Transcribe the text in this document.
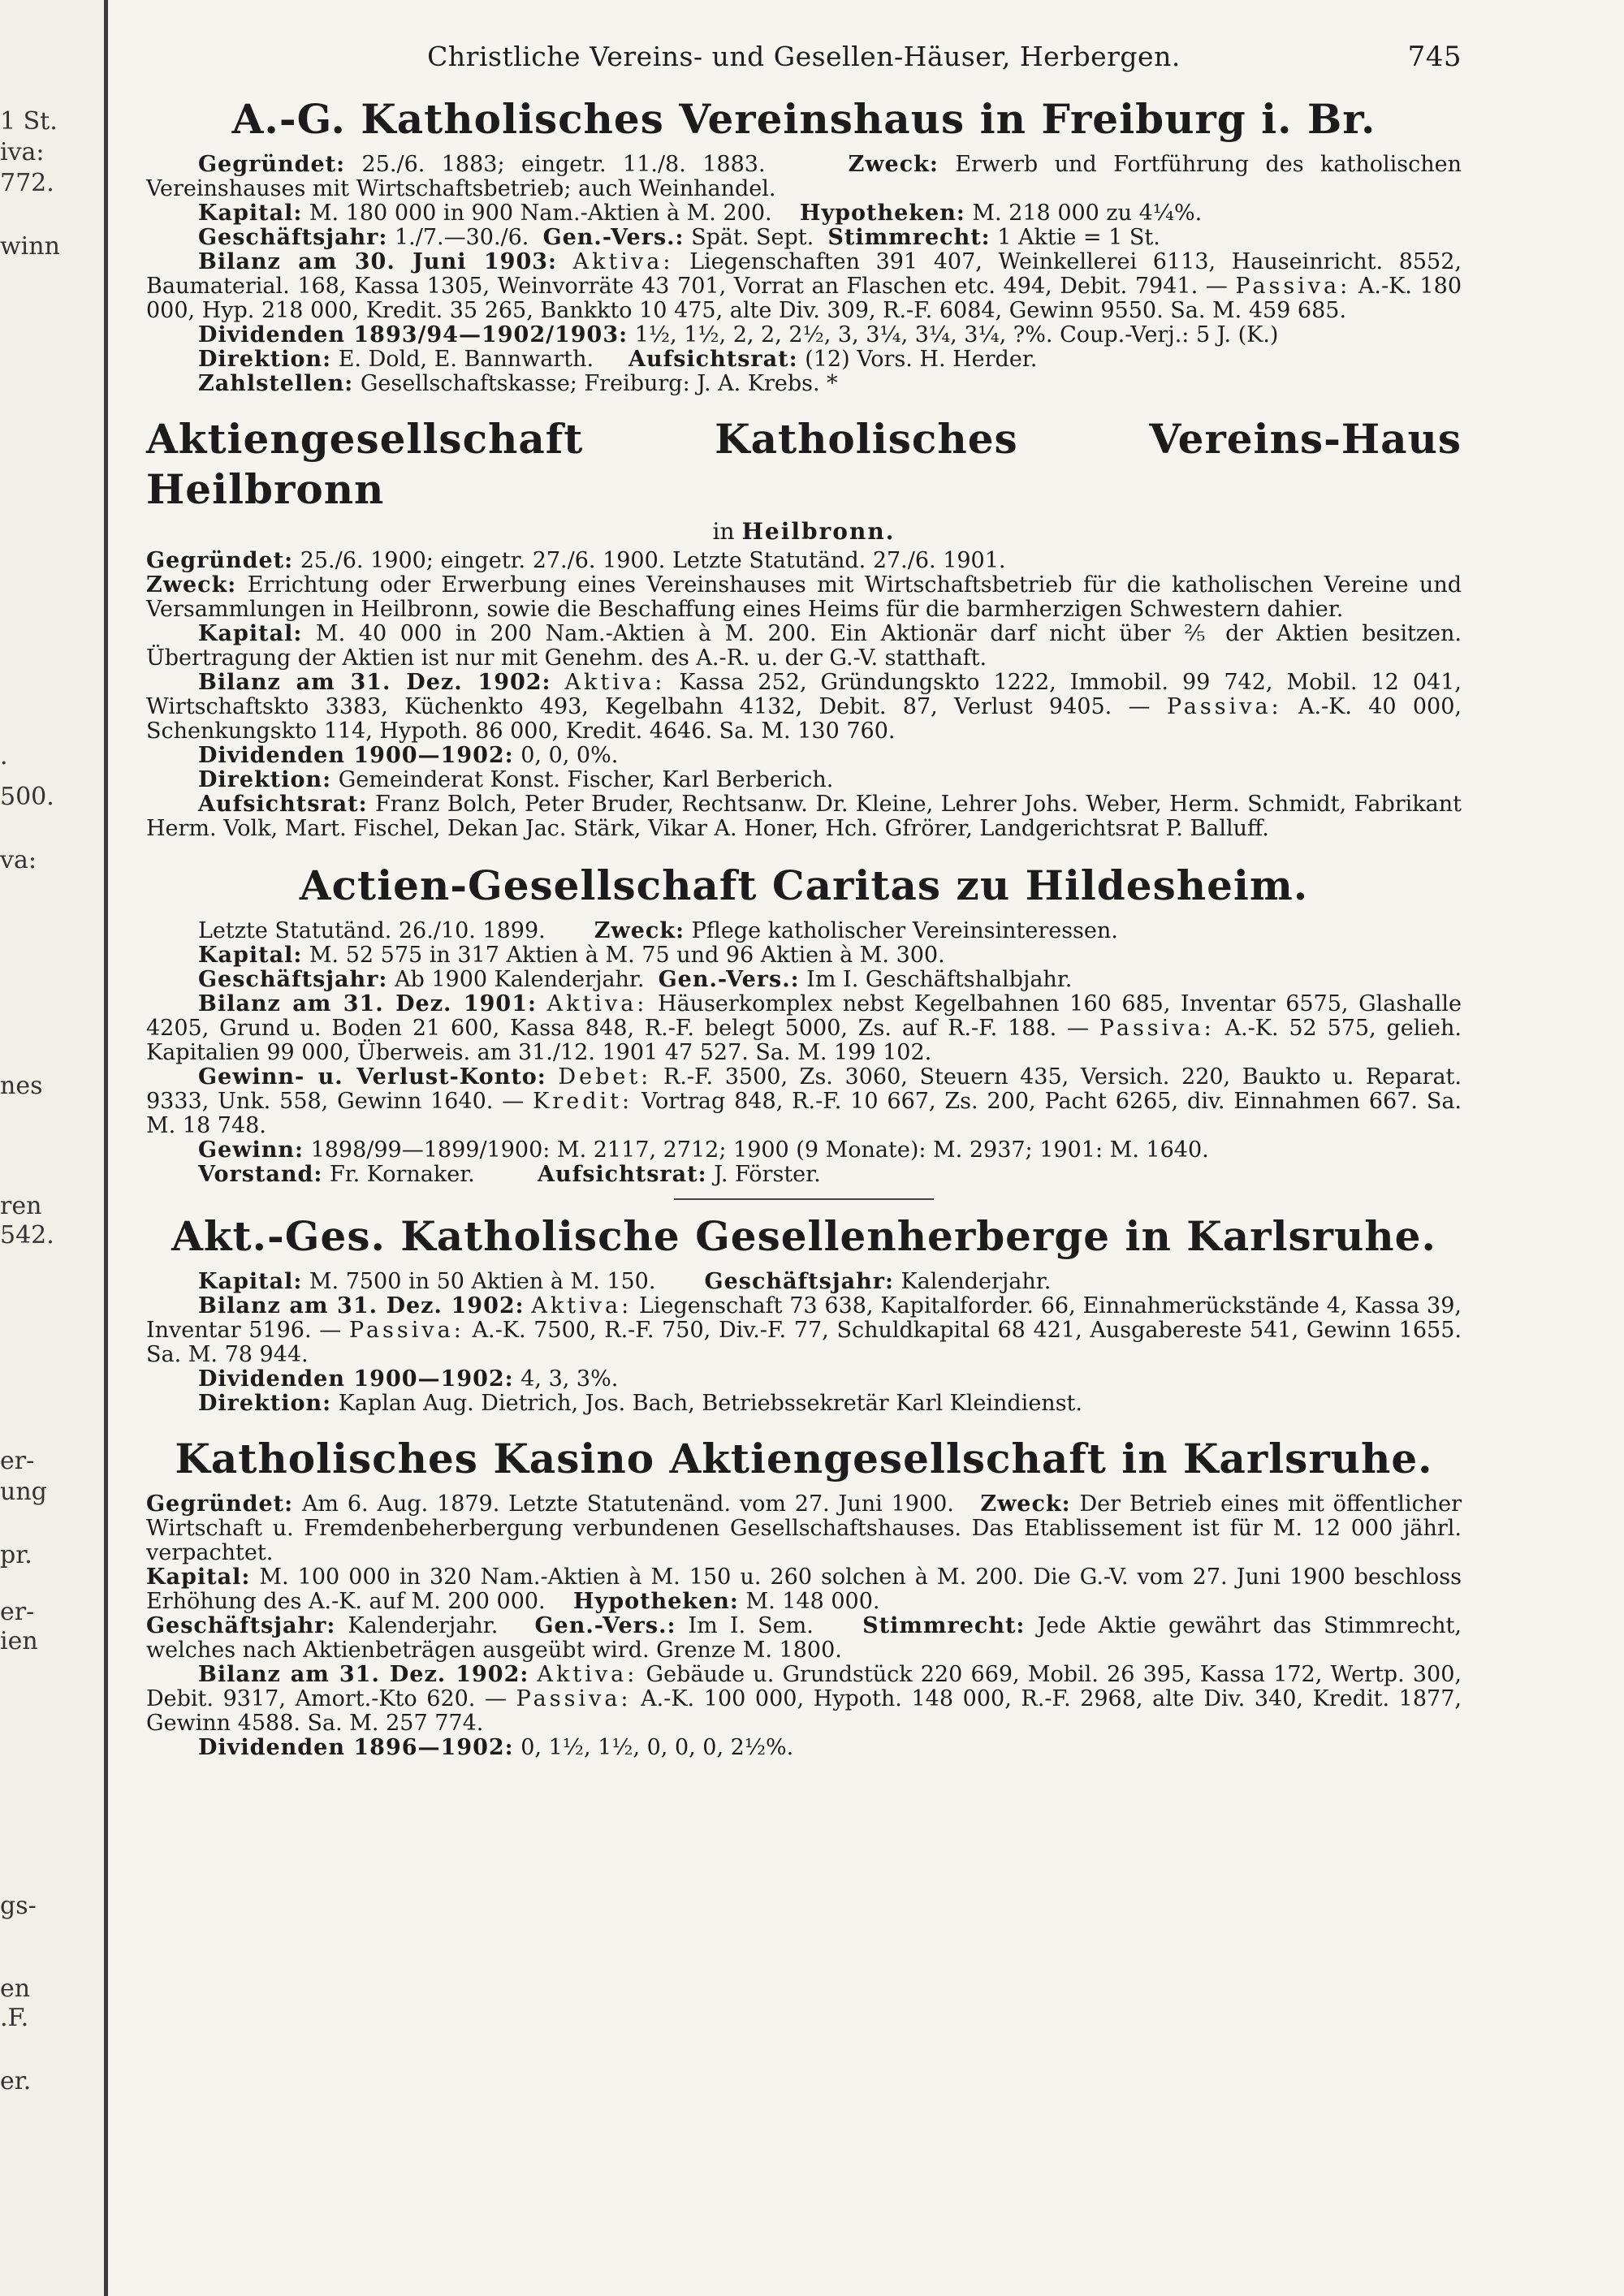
1 St.
iva:
772.
winn
.
500.
va:
nes
ren
542.
er-
ung
pr.
er-
ien
gs-
en
.F.
er.
Christliche Vereins- und Gesellen-Häuser, Herbergen.	745
A.-G. Katholisches Vereinshaus in Freiburg i. Br.

Gegründet: 25./6. 1883; eingetr. 11./8. 1883.	Zweck: Erwerb und Fortführung des katholischen Vereinshauses mit Wirtschaftsbetrieb; auch Weinhandel.

Kapital: M. 180 000 in 900 Nam.-Aktien à M. 200. Hypotheken: M. 218 000 zu 4¼%.

Geschäftsjahr: 1./7.—30./6. Gen.-Vers.: Spät. Sept. Stimmrecht: 1 Aktie = 1 St.

Bilanz am 30. Juni 1903: Aktiva: Liegenschaften 391 407, Weinkellerei 6113, Hauseinricht. 8552, Baumaterial. 168, Kassa 1305, Weinvorräte 43 701, Vorrat an Flaschen etc. 494, Debit. 7941. — Passiva: A.-K. 180 000, Hyp. 218 000, Kredit. 35 265, Bankkto 10 475, alte Div. 309, R.-F. 6084, Gewinn 9550. Sa. M. 459 685.

Dividenden 1893/94—1902/1903: 1½, 1½, 2, 2, 2½, 3, 3¼, 3¼, 3¼, ?%. Coup.-Verj.: 5 J. (K.)

Direktion: E. Dold, E. Bannwarth. Aufsichtsrat: (12) Vors. H. Herder.

Zahlstellen: Gesellschaftskasse; Freiburg: J. A. Krebs. *

Aktiengesellschaft Katholisches Vereins-Haus Heilbronn
in Heilbronn.

Gegründet: 25./6. 1900; eingetr. 27./6. 1900. Letzte Statutänd. 27./6. 1901.

Zweck: Errichtung oder Erwerbung eines Vereinshauses mit Wirtschaftsbetrieb für die katholischen Vereine und Versammlungen in Heilbronn, sowie die Beschaffung eines Heims für die barmherzigen Schwestern dahier.

Kapital: M. 40 000 in 200 Nam.-Aktien à M. 200. Ein Aktionär darf nicht über ⅖ der Aktien besitzen. Übertragung der Aktien ist nur mit Genehm. des A.-R. u. der G.-V. statthaft.

Bilanz am 31. Dez. 1902: Aktiva: Kassa 252, Gründungskto 1222, Immobil. 99 742, Mobil. 12 041, Wirtschaftskto 3383, Küchenkto 493, Kegelbahn 4132, Debit. 87, Verlust 9405. — Passiva: A.-K. 40 000, Schenkungskto 114, Hypoth. 86 000, Kredit. 4646. Sa. M. 130 760.

Dividenden 1900—1902: 0, 0, 0%.

Direktion: Gemeinderat Konst. Fischer, Karl Berberich.

Aufsichtsrat: Franz Bolch, Peter Bruder, Rechtsanw. Dr. Kleine, Lehrer Johs. Weber, Herm. Schmidt, Fabrikant Herm. Volk, Mart. Fischel, Dekan Jac. Stärk, Vikar A. Honer, Hch. Gfrörer, Landgerichtsrat P. Balluff.

Actien-Gesellschaft Caritas zu Hildesheim.

Letzte Statutänd. 26./10. 1899. Zweck: Pflege katholischer Vereinsinteressen.

Kapital: M. 52 575 in 317 Aktien à M. 75 und 96 Aktien à M. 300.

Geschäftsjahr: Ab 1900 Kalenderjahr. Gen.-Vers.: Im I. Geschäftshalbjahr.

Bilanz am 31. Dez. 1901: Aktiva: Häuserkomplex nebst Kegelbahnen 160 685, Inventar 6575, Glashalle 4205, Grund u. Boden 21 600, Kassa 848, R.-F. belegt 5000, Zs. auf R.-F. 188. — Passiva: A.-K. 52 575, gelieh. Kapitalien 99 000, Überweis. am 31./12. 1901 47 527. Sa. M. 199 102.

Gewinn- u. Verlust-Konto: Debet: R.-F. 3500, Zs. 3060, Steuern 435, Versich. 220, Baukto u. Reparat. 9333, Unk. 558, Gewinn 1640. — Kredit: Vortrag 848, R.-F. 10 667, Zs. 200, Pacht 6265, div. Einnahmen 667. Sa. M. 18 748.

Gewinn: 1898/99—1899/1900: M. 2117, 2712; 1900 (9 Monate): M. 2937; 1901: M. 1640.

Vorstand: Fr. Kornaker.	Aufsichtsrat: J. Förster.

Akt.-Ges. Katholische Gesellenherberge in Karlsruhe.

Kapital: M. 7500 in 50 Aktien à M. 150. Geschäftsjahr: Kalenderjahr.

Bilanz am 31. Dez. 1902: Aktiva: Liegenschaft 73 638, Kapitalforder. 66, Einnahmerückstände 4, Kassa 39, Inventar 5196. — Passiva: A.-K. 7500, R.-F. 750, Div.-F. 77, Schuldkapital 68 421, Ausgabereste 541, Gewinn 1655. Sa. M. 78 944.

Dividenden 1900—1902: 4, 3, 3%.

Direktion: Kaplan Aug. Dietrich, Jos. Bach, Betriebssekretär Karl Kleindienst.

Katholisches Kasino Aktiengesellschaft in Karlsruhe.

Gegründet: Am 6. Aug. 1879. Letzte Statutenänd. vom 27. Juni 1900. Zweck: Der Betrieb eines mit öffentlicher Wirtschaft u. Fremdenbeherbergung verbundenen Gesellschaftshauses. Das Etablissement ist für M. 12 000 jährl. verpachtet.

Kapital: M. 100 000 in 320 Nam.-Aktien à M. 150 u. 260 solchen à M. 200. Die G.-V. vom 27. Juni 1900 beschloss Erhöhung des A.-K. auf M. 200 000. Hypotheken: M. 148 000.

Geschäftsjahr: Kalenderjahr. Gen.-Vers.: Im I. Sem. Stimmrecht: Jede Aktie gewährt das Stimmrecht, welches nach Aktienbeträgen ausgeübt wird. Grenze M. 1800.

Bilanz am 31. Dez. 1902: Aktiva: Gebäude u. Grundstück 220 669, Mobil. 26 395, Kassa 172, Wertp. 300, Debit. 9317, Amort.-Kto 620. — Passiva: A.-K. 100 000, Hypoth. 148 000, R.-F. 2968, alte Div. 340, Kredit. 1877, Gewinn 4588. Sa. M. 257 774.

Dividenden 1896—1902: 0, 1½, 1½, 0, 0, 0, 2½%.
